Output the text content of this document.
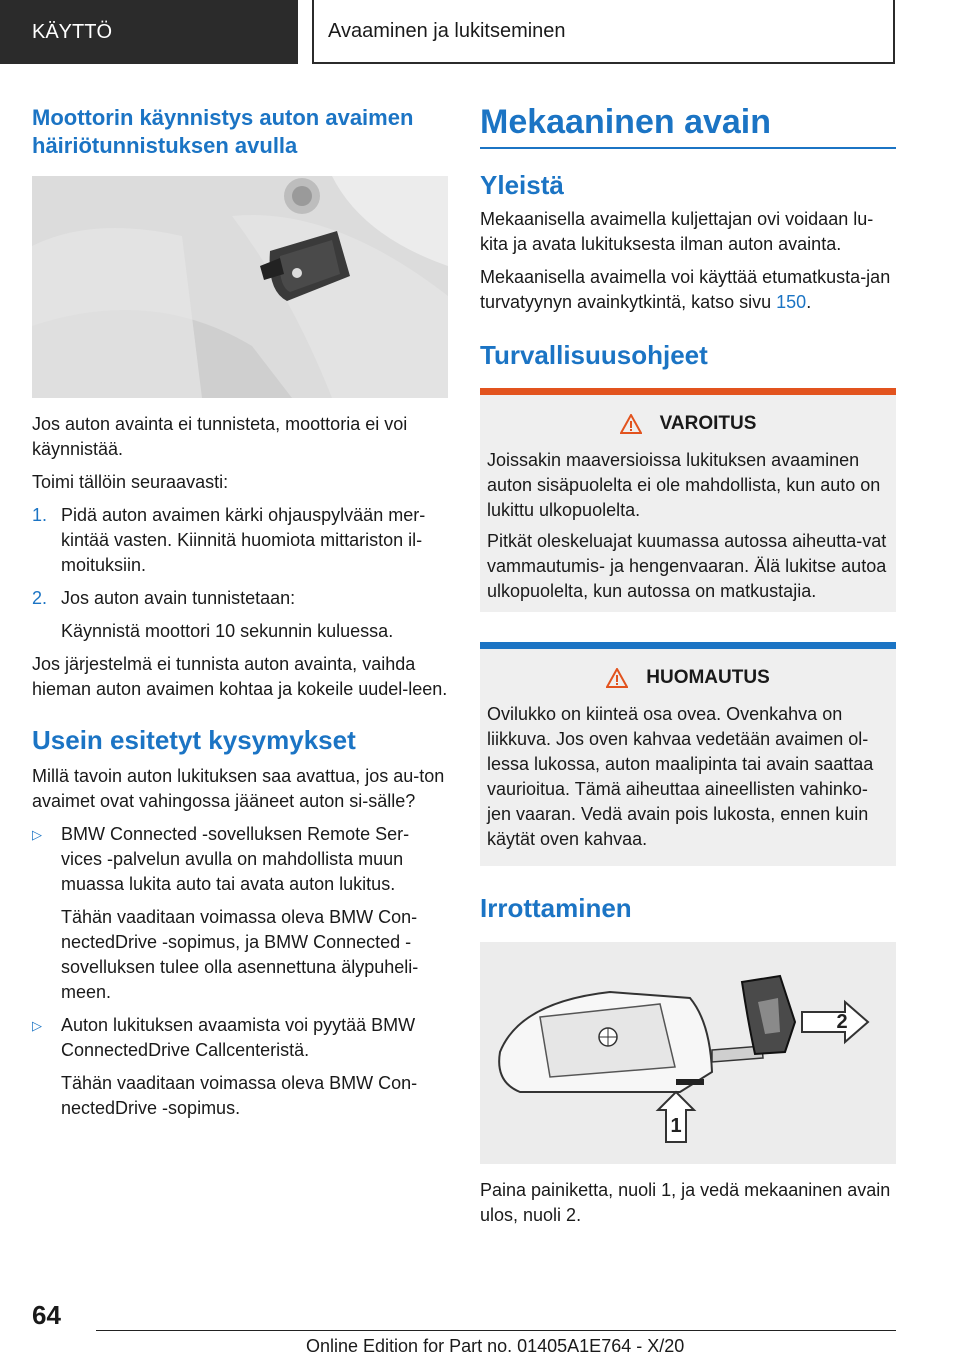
KÄYTTÖ	Avaaminen ja lukitseminen
Moottorin käynnistys auton avaimen häiriötunnistuksen avulla

Jos auton avainta ei tunnisteta, moottoria ei voi käynnistää.

Toimi tällöin seuraavasti:

1. Pidä auton avaimen kärki ohjauspylvään mer-kintää vasten. Kiinnitä huomiota mittariston il-moituksiin.
2. Jos auton avain tunnistetaan:

Käynnistä moottori 10 sekunnin kuluessa.

Jos järjestelmä ei tunnista auton avainta, vaihda hieman auton avaimen kohtaa ja kokeile uudel-leen.

Usein esitetyt kysymykset

Millä tavoin auton lukituksen saa avattua, jos au-ton avaimet ovat vahingossa jääneet auton si-sälle?

▷	BMW Connected -sovelluksen Remote Ser-vices -palvelun avulla on mahdollista muun muassa lukita auto tai avata auton lukitus.

Tähän vaaditaan voimassa oleva BMW Con-nectedDrive -sopimus, ja BMW Connected -sovelluksen tulee olla asennettuna älypuheli-meen.

▷	Auton lukituksen avaamista voi pyytää BMW ConnectedDrive Callcenteristä.

Tähän vaaditaan voimassa oleva BMW Con-nectedDrive -sopimus.

Mekaaninen avain
Yleistä

Mekaanisella avaimella kuljettajan ovi voidaan lu-kita ja avata lukituksesta ilman auton avainta.

Mekaanisella avaimella voi käyttää etumatkusta-jan turvatyynyn avainkytkintä, katso sivu 150.

Turvallisuusohjeet
VAROITUS

Joissakin maaversioissa lukituksen avaaminen auton sisäpuolelta ei ole mahdollista, kun auto on lukittu ulkopuolelta.

Pitkät oleskeluajat kuumassa autossa aiheutta-vat vammautumis- ja hengenvaaran. Älä lukitse autoa ulkopuolelta, kun autossa on matkustajia.

HUOMAUTUS

Ovilukko on kiinteä osa ovea. Ovenkahva on liikkuva. Jos oven kahvaa vedetään avaimen ol-lessa lukossa, auton maalipinta tai avain saattaa vaurioitua. Tämä aiheuttaa aineellisten vahinko-jen vaaran. Vedä avain pois lukosta, ennen kuin käytät oven kahvaa.

Irrottaminen
2
1

Paina painiketta, nuoli 1, ja vedä mekaaninen avain ulos, nuoli 2.

64
Online Edition for Part no. 01405A1E764 - X/20
